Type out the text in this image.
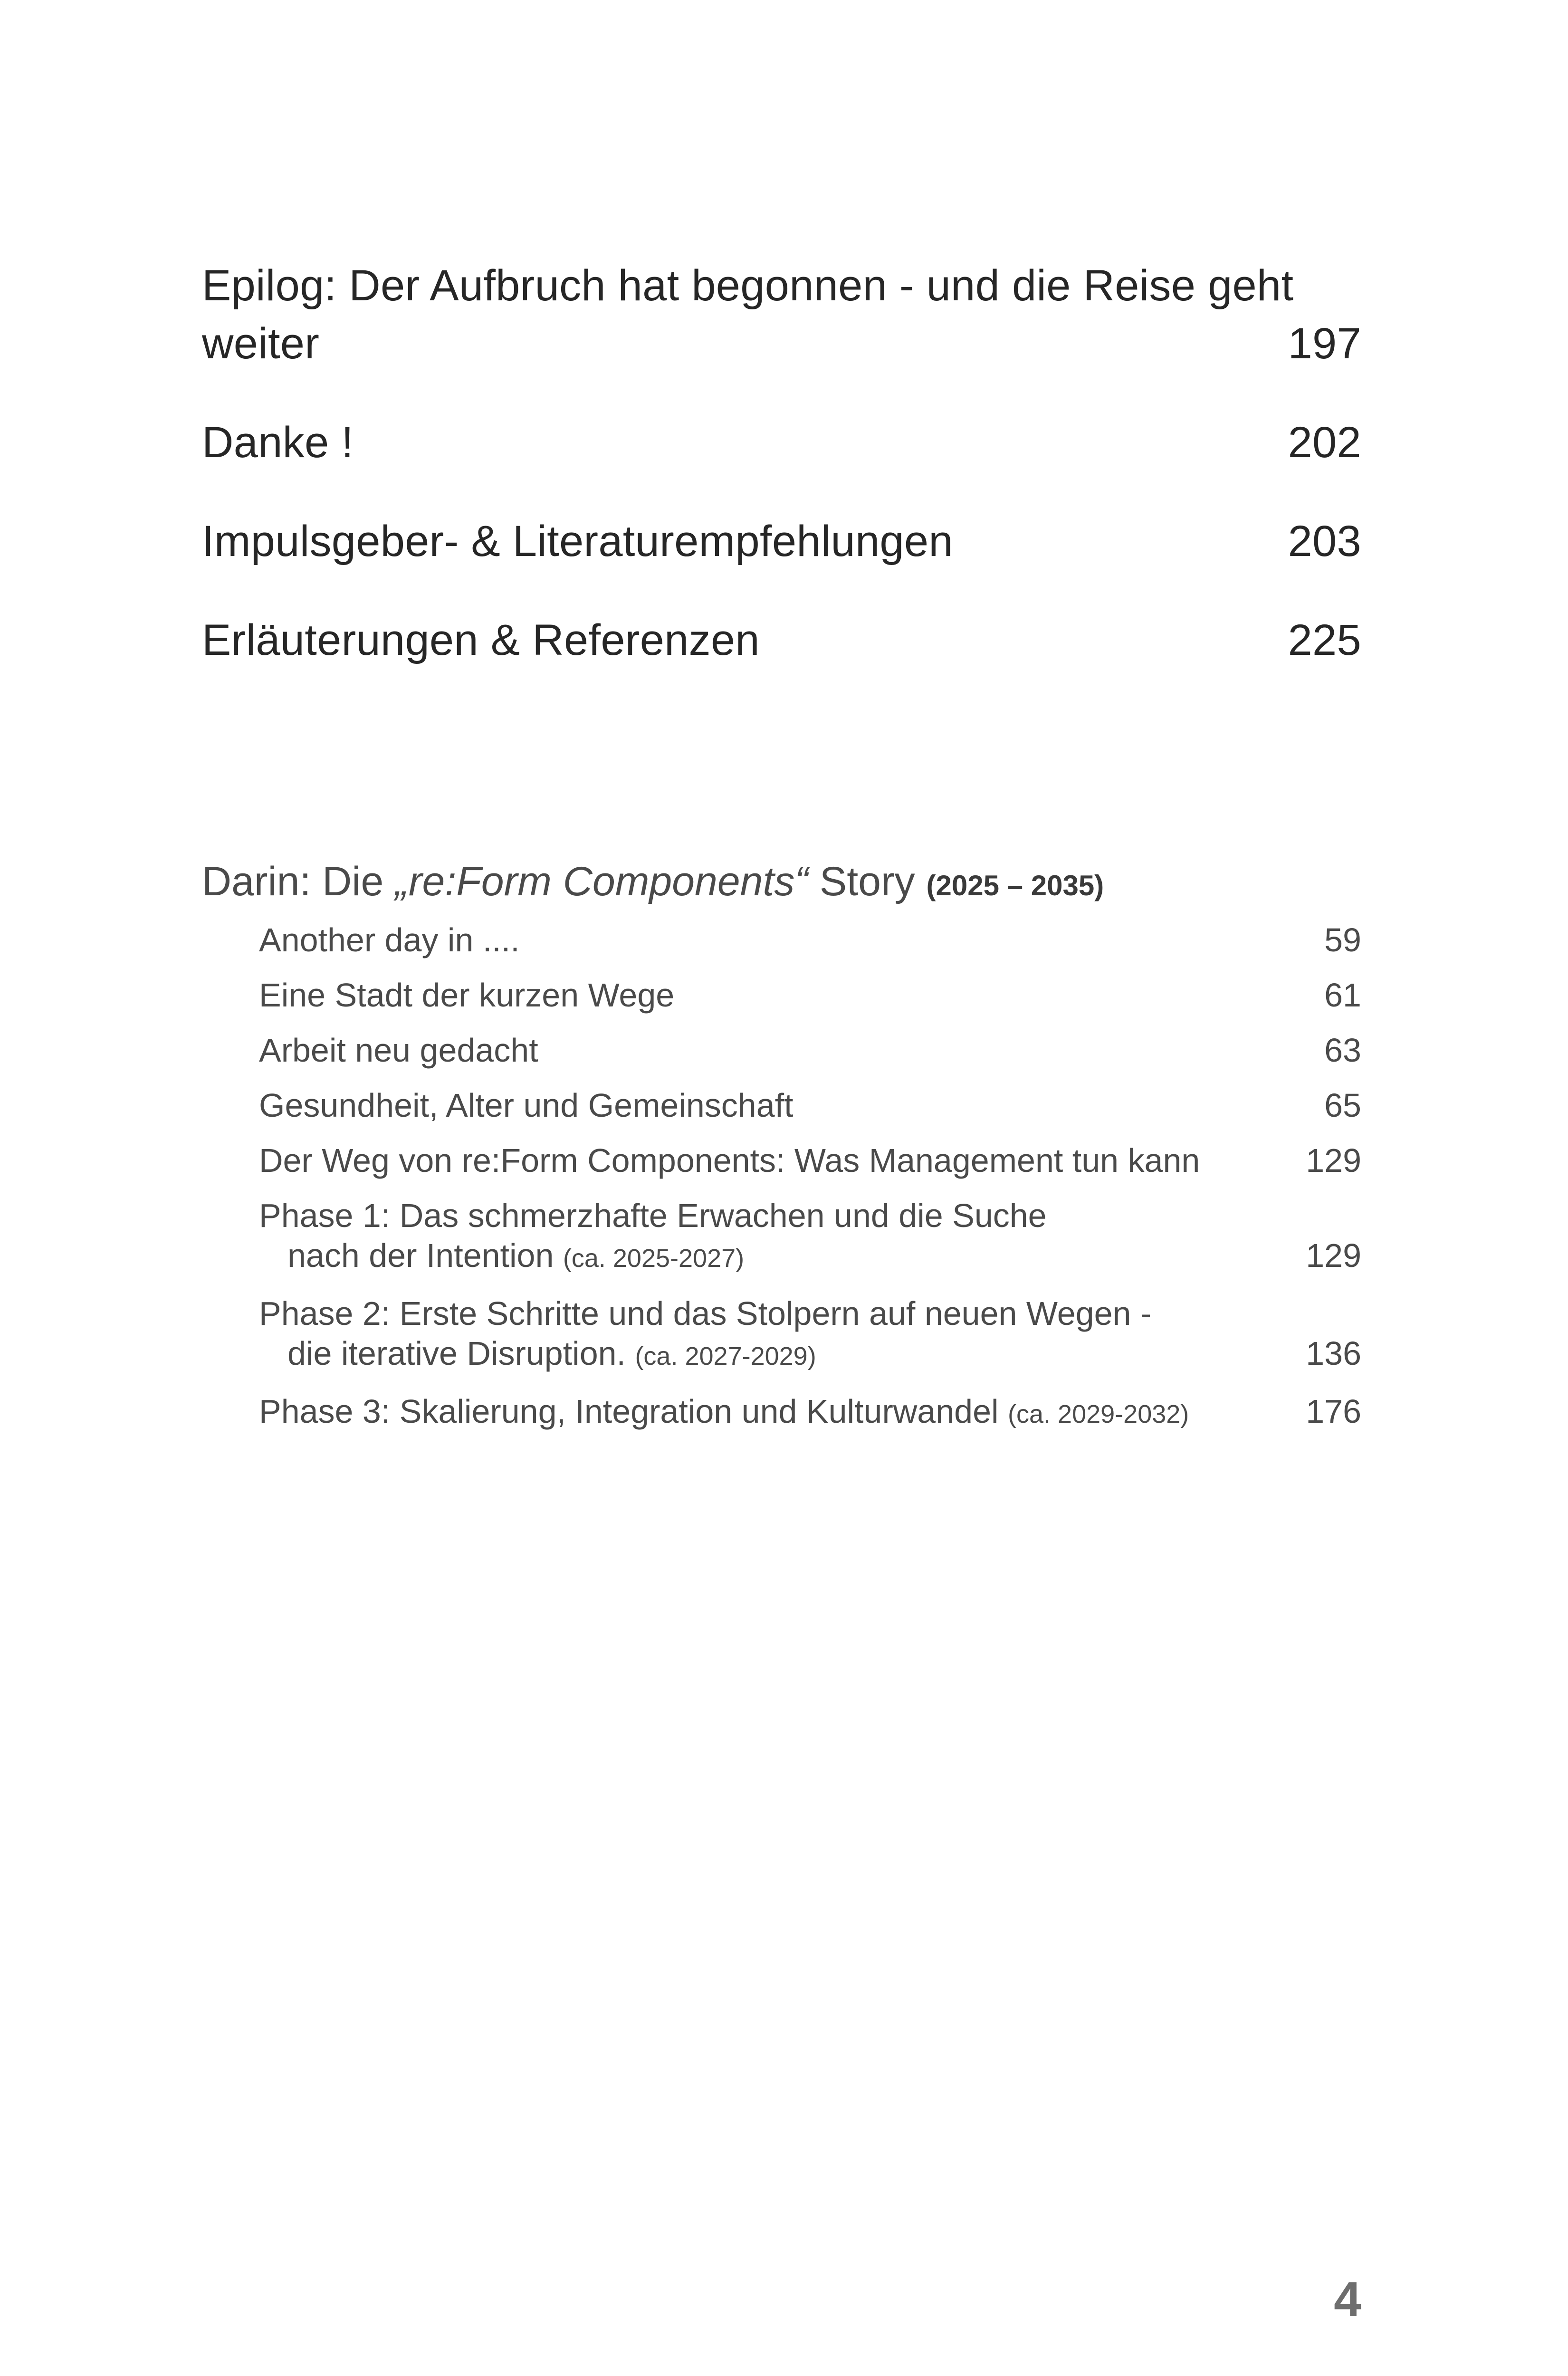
Epilog: Der Aufbruch hat begonnen - und die Reise geht
weiter	197
Danke !	202
Impulsgeber- & Literaturempfehlungen	203
Erläuterungen & Referenzen	225
Darin: Die „re:Form Components“ Story (2025 – 2035)
Another day in ....	59
Eine Stadt der kurzen Wege	61
Arbeit neu gedacht	63
Gesundheit, Alter und Gemeinschaft	65
Der Weg von re:Form Components: Was Management tun kann	129
Phase 1: Das schmerzhafte Erwachen und die Suche
nach der Intention (ca. 2025-2027)	129
Phase 2: Erste Schritte und das Stolpern auf neuen Wegen -
die iterative Disruption. (ca. 2027-2029)	136
Phase 3: Skalierung, Integration und Kulturwandel (ca. 2029-2032)	176
4
